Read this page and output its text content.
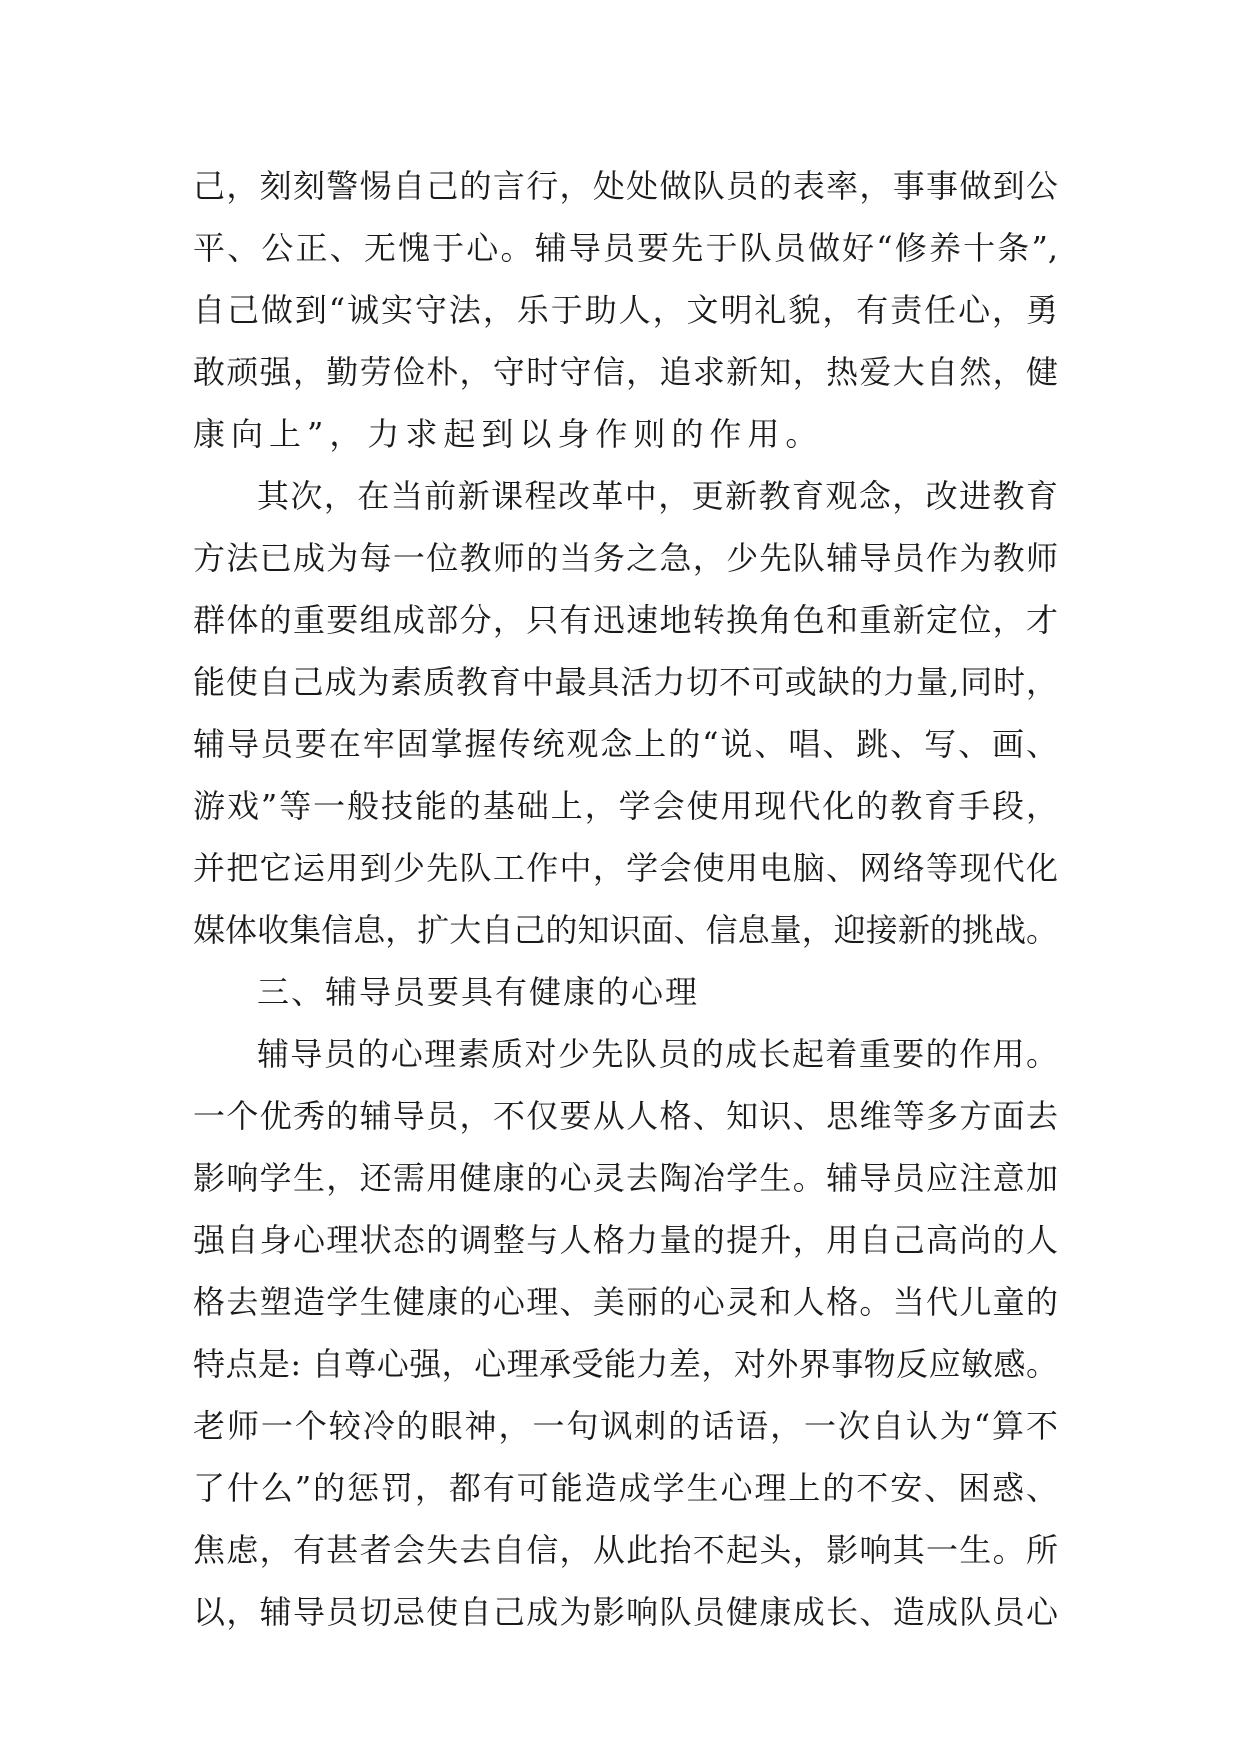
己，刻刻警惕自己的言行，处处做队员的表率，事事做到公
平、公正、无愧于心。辅导员要先于队员做好“修养十条”,
自己做到“诚实守法，乐于助人，文明礼貌，有责任心，勇
敢顽强，勤劳俭朴，守时守信，追求新知，热爱大自然，健
康向上”，力求起到以身作则的作用。
其次，在当前新课程改革中，更新教育观念，改进教育
方法已成为每一位教师的当务之急，少先队辅导员作为教师
群体的重要组成部分，只有迅速地转换角色和重新定位，才
能使自己成为素质教育中最具活力切不可或缺的力量,同时，
辅导员要在牢固掌握传统观念上的“说、唱、跳、写、画、
游戏”等一般技能的基础上，学会使用现代化的教育手段，
并把它运用到少先队工作中，学会使用电脑、网络等现代化
媒体收集信息，扩大自己的知识面、信息量，迎接新的挑战。
三、辅导员要具有健康的心理
辅导员的心理素质对少先队员的成长起着重要的作用。
一个优秀的辅导员，不仅要从人格、知识、思维等多方面去
影响学生，还需用健康的心灵去陶冶学生。辅导员应注意加
强自身心理状态的调整与人格力量的提升，用自己高尚的人
格去塑造学生健康的心理、美丽的心灵和人格。当代儿童的
特点是: 自尊心强，心理承受能力差，对外界事物反应敏感。
老师一个较冷的眼神，一句讽刺的话语，一次自认为“算不
了什么”的惩罚，都有可能造成学生心理上的不安、困惑、
焦虑，有甚者会失去自信，从此抬不起头，影响其一生。所
以，辅导员切忌使自己成为影响队员健康成长、造成队员心
